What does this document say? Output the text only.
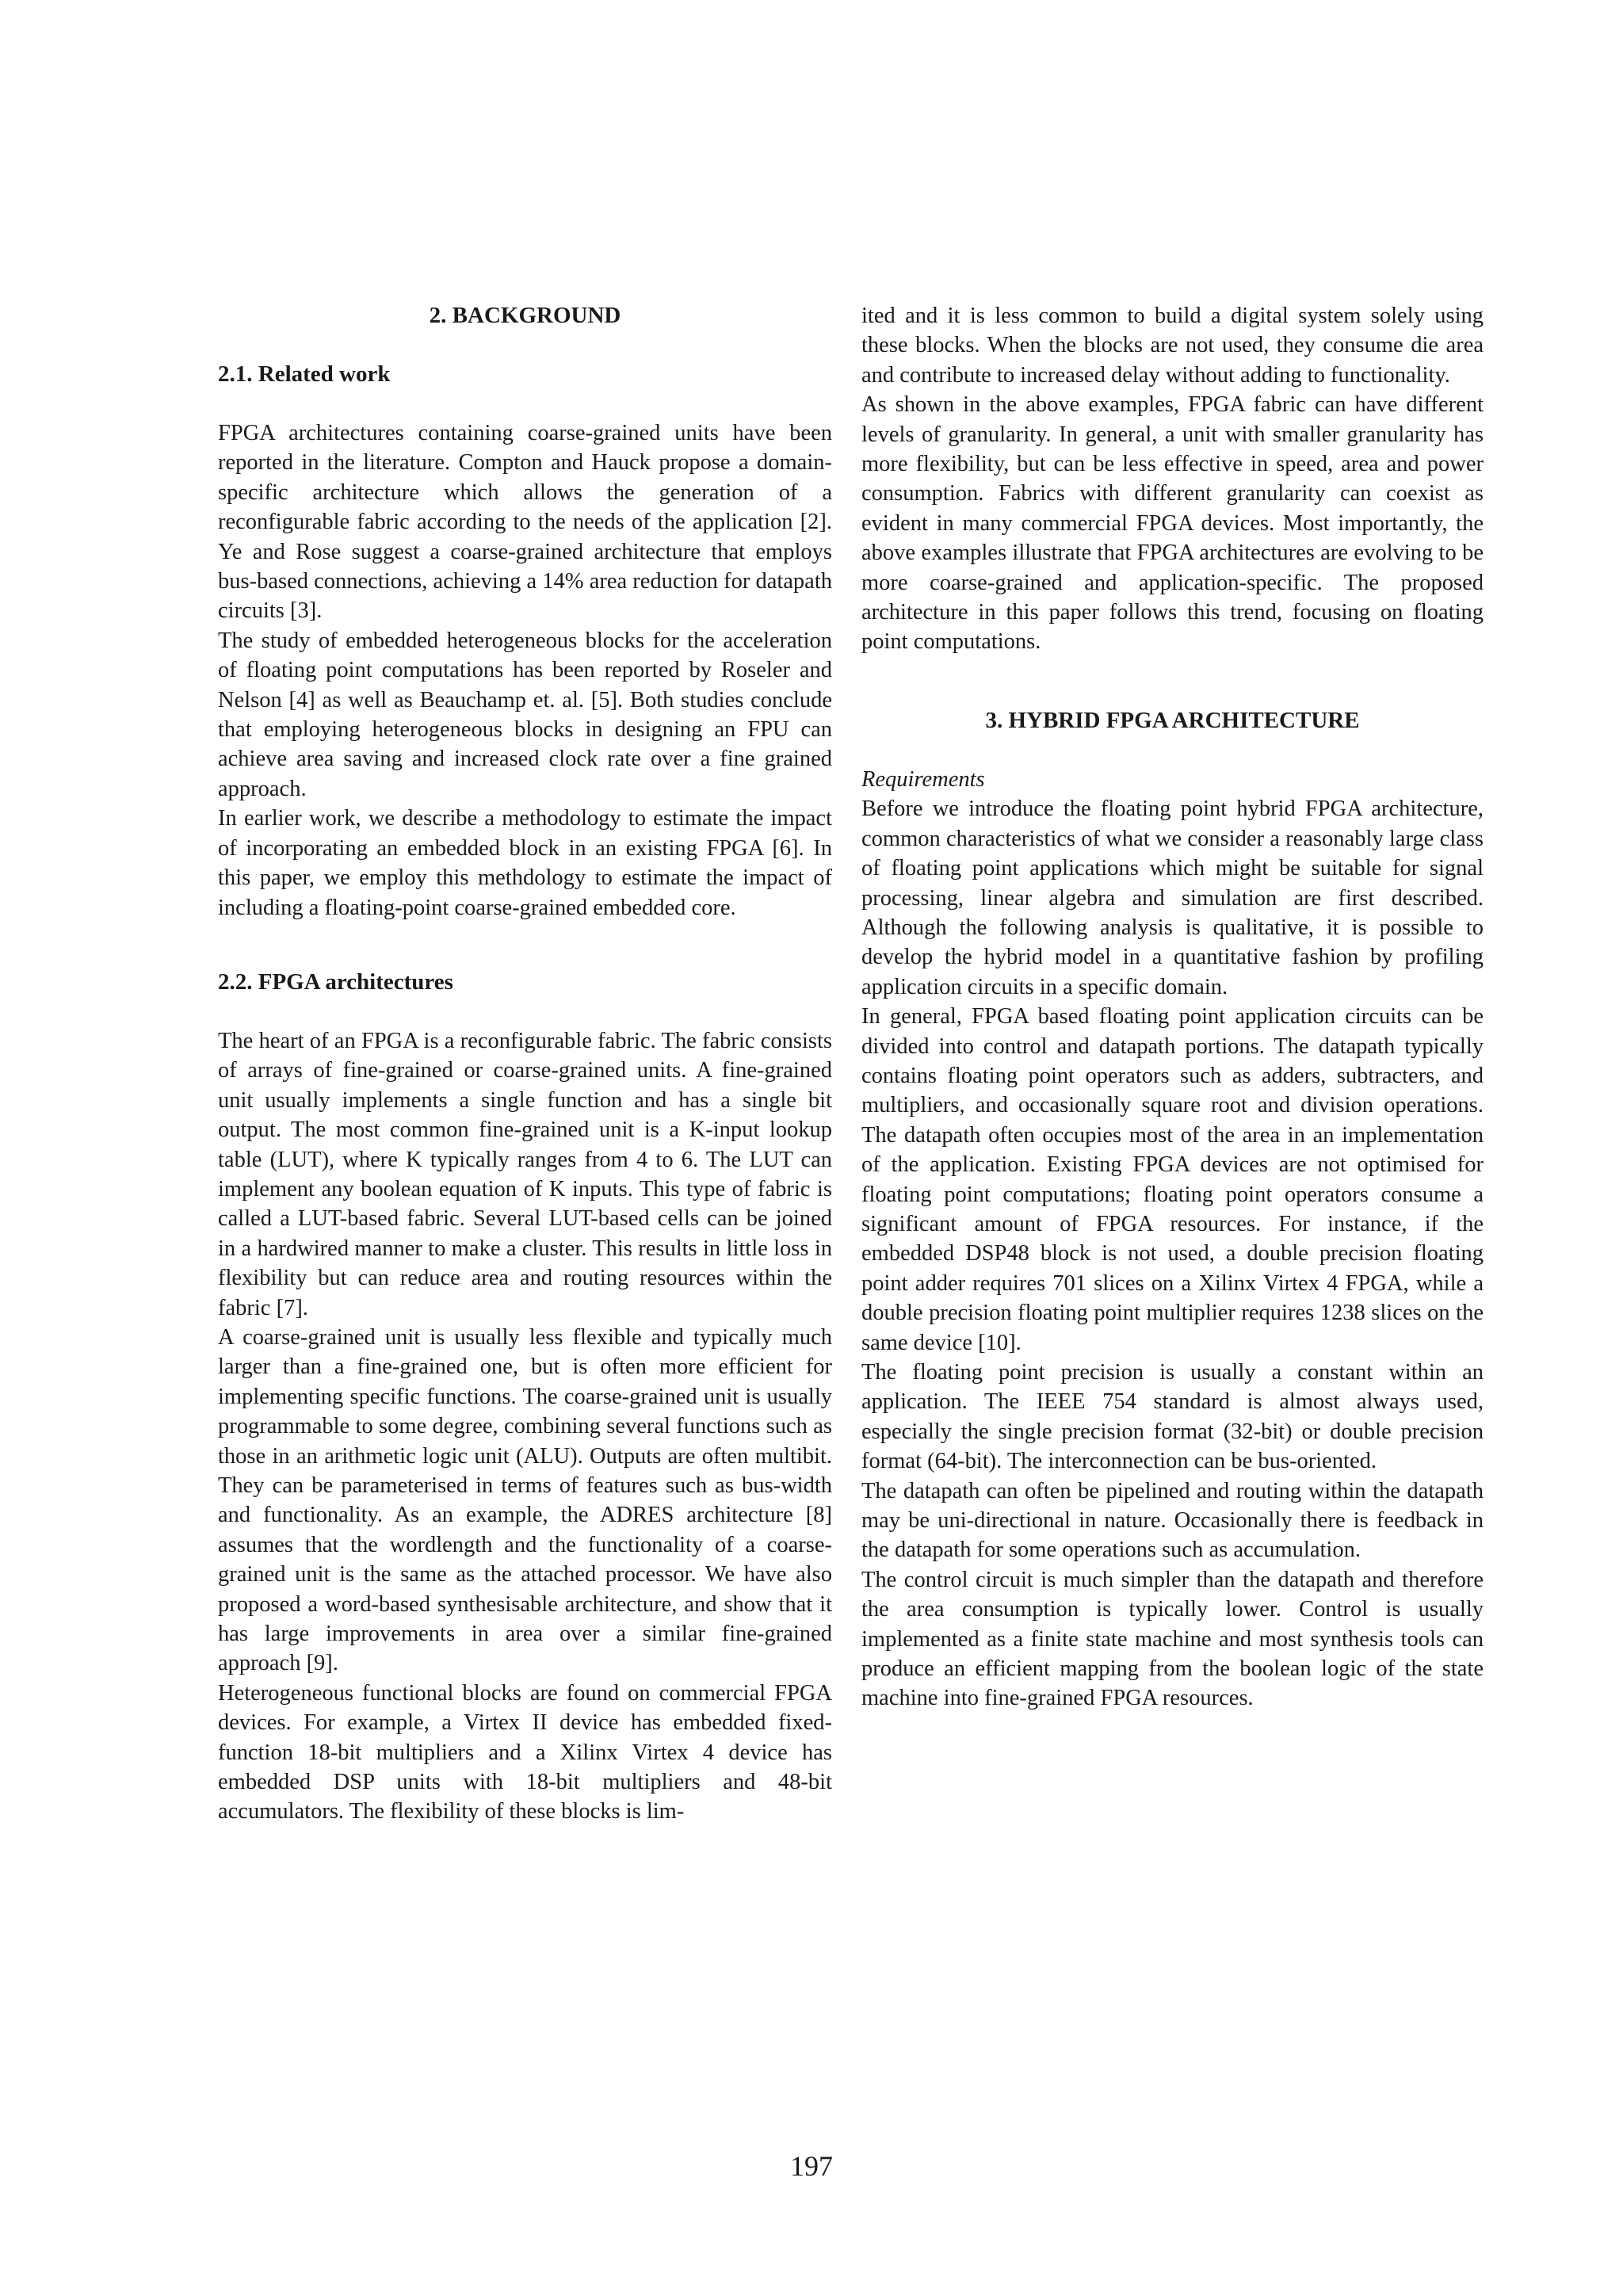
2. BACKGROUND

2.1. Related work

FPGA architectures containing coarse-grained units have been reported in the literature. Compton and Hauck propose a domain-specific architecture which allows the generation of a reconfigurable fabric according to the needs of the application [2]. Ye and Rose suggest a coarse-grained architecture that employs bus-based connections, achieving a 14% area reduction for datapath circuits [3].

The study of embedded heterogeneous blocks for the acceleration of floating point computations has been reported by Roseler and Nelson [4] as well as Beauchamp et. al. [5]. Both studies conclude that employing heterogeneous blocks in designing an FPU can achieve area saving and increased clock rate over a fine grained approach.

In earlier work, we describe a methodology to estimate the impact of incorporating an embedded block in an existing FPGA [6]. In this paper, we employ this methdology to estimate the impact of including a floating-point coarse-grained embedded core.

2.2. FPGA architectures

The heart of an FPGA is a reconfigurable fabric. The fabric consists of arrays of fine-grained or coarse-grained units. A fine-grained unit usually implements a single function and has a single bit output. The most common fine-grained unit is a K-input lookup table (LUT), where K typically ranges from 4 to 6. The LUT can implement any boolean equation of K inputs. This type of fabric is called a LUT-based fabric. Several LUT-based cells can be joined in a hardwired manner to make a cluster. This results in little loss in flexibility but can reduce area and routing resources within the fabric [7].

A coarse-grained unit is usually less flexible and typically much larger than a fine-grained one, but is often more efficient for implementing specific functions. The coarse-grained unit is usually programmable to some degree, combining several functions such as those in an arithmetic logic unit (ALU). Outputs are often multibit. They can be parameterised in terms of features such as bus-width and functionality. As an example, the ADRES architecture [8] assumes that the wordlength and the functionality of a coarse-grained unit is the same as the attached processor. We have also proposed a word-based synthesisable architecture, and show that it has large improvements in area over a similar fine-grained approach [9].

Heterogeneous functional blocks are found on commercial FPGA devices. For example, a Virtex II device has embedded fixed-function 18-bit multipliers and a Xilinx Virtex 4 device has embedded DSP units with 18-bit multipliers and 48-bit accumulators. The flexibility of these blocks is lim-

ited and it is less common to build a digital system solely using these blocks. When the blocks are not used, they consume die area and contribute to increased delay without adding to functionality.

As shown in the above examples, FPGA fabric can have different levels of granularity. In general, a unit with smaller granularity has more flexibility, but can be less effective in speed, area and power consumption. Fabrics with different granularity can coexist as evident in many commercial FPGA devices. Most importantly, the above examples illustrate that FPGA architectures are evolving to be more coarse-grained and application-specific. The proposed architecture in this paper follows this trend, focusing on floating point computations.

3. HYBRID FPGA ARCHITECTURE

Requirements

Before we introduce the floating point hybrid FPGA architecture, common characteristics of what we consider a reasonably large class of floating point applications which might be suitable for signal processing, linear algebra and simulation are first described. Although the following analysis is qualitative, it is possible to develop the hybrid model in a quantitative fashion by profiling application circuits in a specific domain.

In general, FPGA based floating point application circuits can be divided into control and datapath portions. The datapath typically contains floating point operators such as adders, subtracters, and multipliers, and occasionally square root and division operations. The datapath often occupies most of the area in an implementation of the application. Existing FPGA devices are not optimised for floating point computations; floating point operators consume a significant amount of FPGA resources. For instance, if the embedded DSP48 block is not used, a double precision floating point adder requires 701 slices on a Xilinx Virtex 4 FPGA, while a double precision floating point multiplier requires 1238 slices on the same device [10].

The floating point precision is usually a constant within an application. The IEEE 754 standard is almost always used, especially the single precision format (32-bit) or double precision format (64-bit). The interconnection can be bus-oriented.

The datapath can often be pipelined and routing within the datapath may be uni-directional in nature. Occasionally there is feedback in the datapath for some operations such as accumulation.

The control circuit is much simpler than the datapath and therefore the area consumption is typically lower. Control is usually implemented as a finite state machine and most synthesis tools can produce an efficient mapping from the boolean logic of the state machine into fine-grained FPGA resources.

197
